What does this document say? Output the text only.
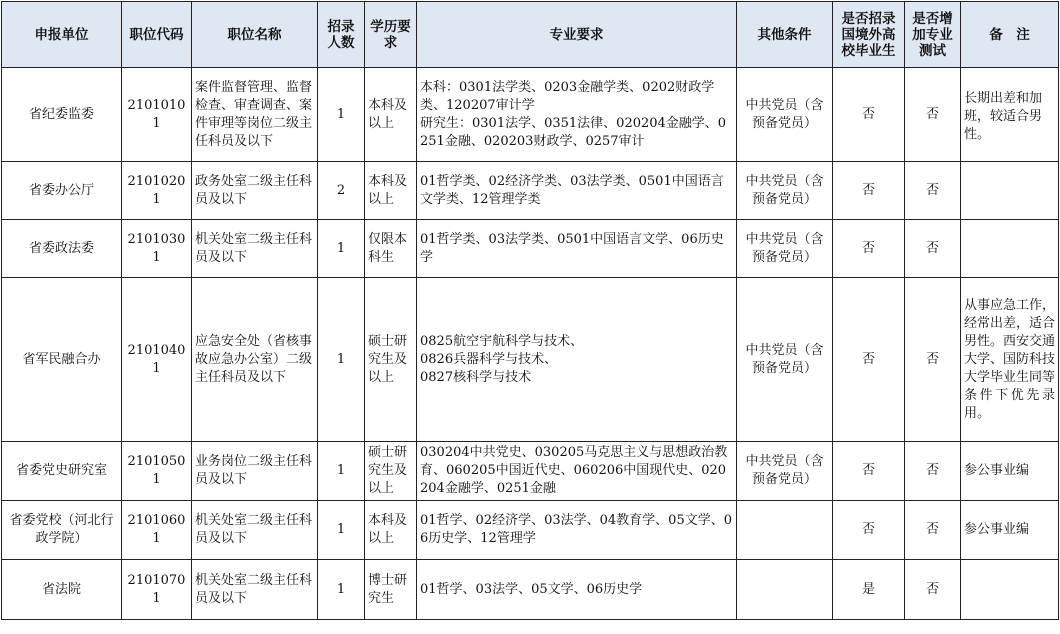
申报单位	职位代码	职位名称	招录人数	学历要求	专业要求	其他条件	是否招录国境外高校毕业生	是否增加专业测试	备　注
省纪委监委	21010101	案件监督管理、监督检查、审查调查、案件审理等岗位二级主任科员及以下	1	本科及以上	本科：0301法学类、0203金融学类、0202财政学类、120207审计学
研究生：0301法学、0351法律、020204金融学、0251金融、020203财政学、0257审计	中共党员（含预备党员）	否	否	长期出差和加班，较适合男性。
省委办公厅	21010201	政务处室二级主任科员及以下	2	本科及以上	01哲学类、02经济学类、03法学类、0501中国语言文学类、12管理学类	中共党员（含预备党员）	否	否	
省委政法委	21010301	机关处室二级主任科员及以下	1	仅限本科生	01哲学类、03法学类、0501中国语言文学、06历史学	中共党员（含预备党员）	否	否	
省军民融合办	21010401	应急安全处（省核事故应急办公室）二级主任科员及以下	1	硕士研究生及以上	0825航空宇航科学与技术、
0826兵器科学与技术、
0827核科学与技术	中共党员（含预备党员）	否	否	从事应急工作，经常出差，适合男性。西安交通大学、国防科技大学毕业生同等条件下优先录用。
省委党史研究室	21010501	业务岗位二级主任科员及以下	1	硕士研究生及以上	030204中共党史、030205马克思主义与思想政治教育、060205中国近代史、060206中国现代史、020204金融学、0251金融	中共党员（含预备党员）	否	否	参公事业编
省委党校（河北行政学院）	21010601	机关处室二级主任科员及以下	1	本科及以上	01哲学、02经济学、03法学、04教育学、05文学、06历史学、12管理学		否	否	参公事业编
省法院	21010701	机关处室二级主任科员及以下	1	博士研究生	01哲学、03法学、05文学、06历史学		是	否	
